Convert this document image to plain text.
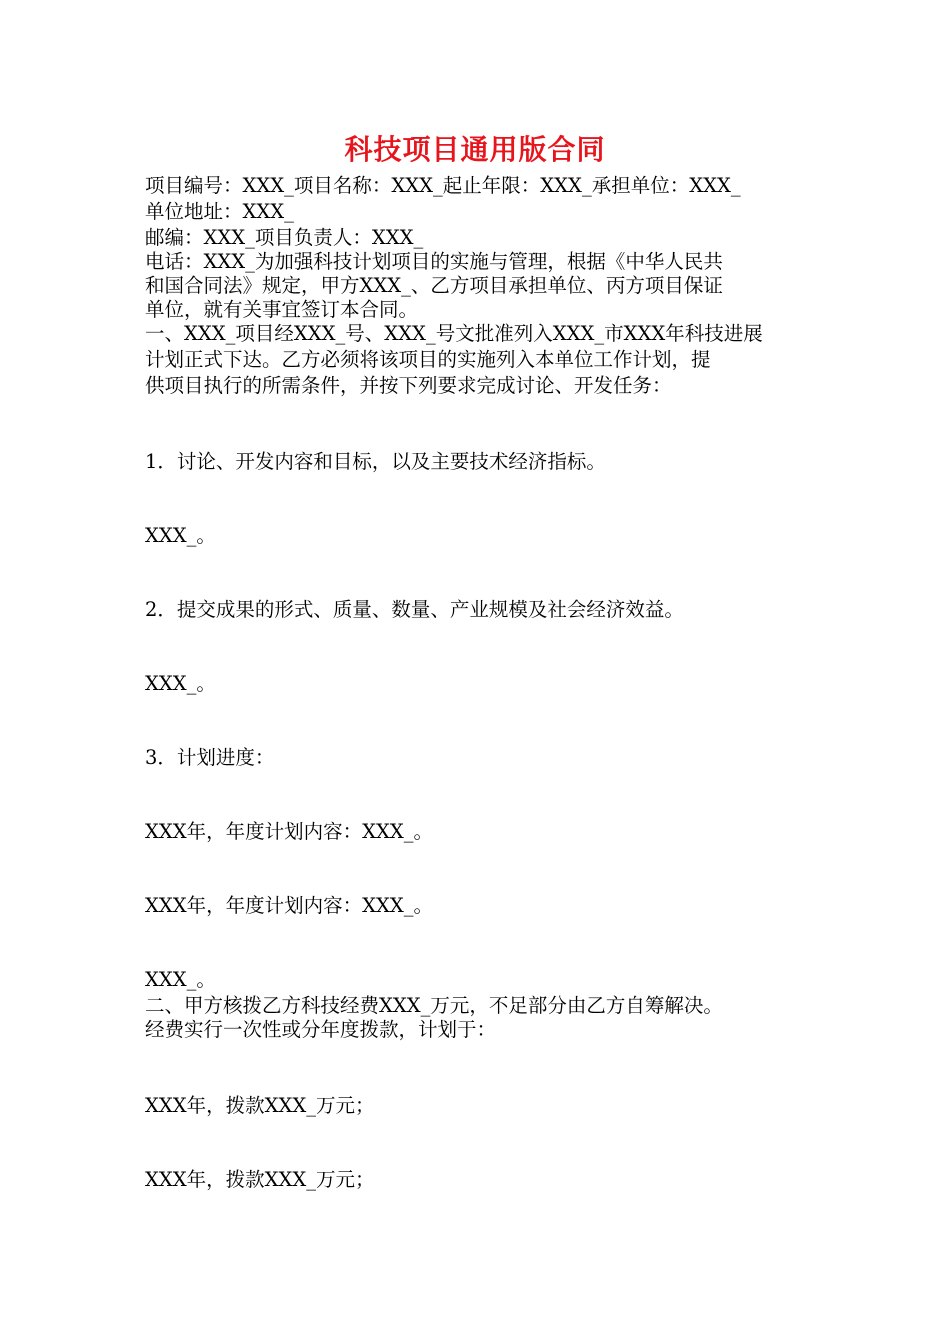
科技项目通用版合同
项目编号：XXX_项目名称：XXX_起止年限：XXX_承担单位：XXX_
单位地址：XXX_
邮编：XXX_项目负责人：XXX_
电话：XXX_为加强科技计划项目的实施与管理，根据《中华人民共
和国合同法》规定，甲方XXX_、乙方项目承担单位、丙方项目保证
单位，就有关事宜签订本合同。
一、XXX_项目经XXX_号、XXX_号文批准列入XXX_市XXX年科技进展
计划正式下达。乙方必须将该项目的实施列入本单位工作计划，提
供项目执行的所需条件，并按下列要求完成讨论、开发任务：
1．讨论、开发内容和目标，以及主要技术经济指标。
XXX_。
2．提交成果的形式、质量、数量、产业规模及社会经济效益。
XXX_。
3．计划进度：
XXX年，年度计划内容：XXX_。
XXX年，年度计划内容：XXX_。
XXX_。
二、甲方核拨乙方科技经费XXX_万元，不足部分由乙方自筹解决。
经费实行一次性或分年度拨款，计划于：
XXX年，拨款XXX_万元；
XXX年，拨款XXX_万元；
